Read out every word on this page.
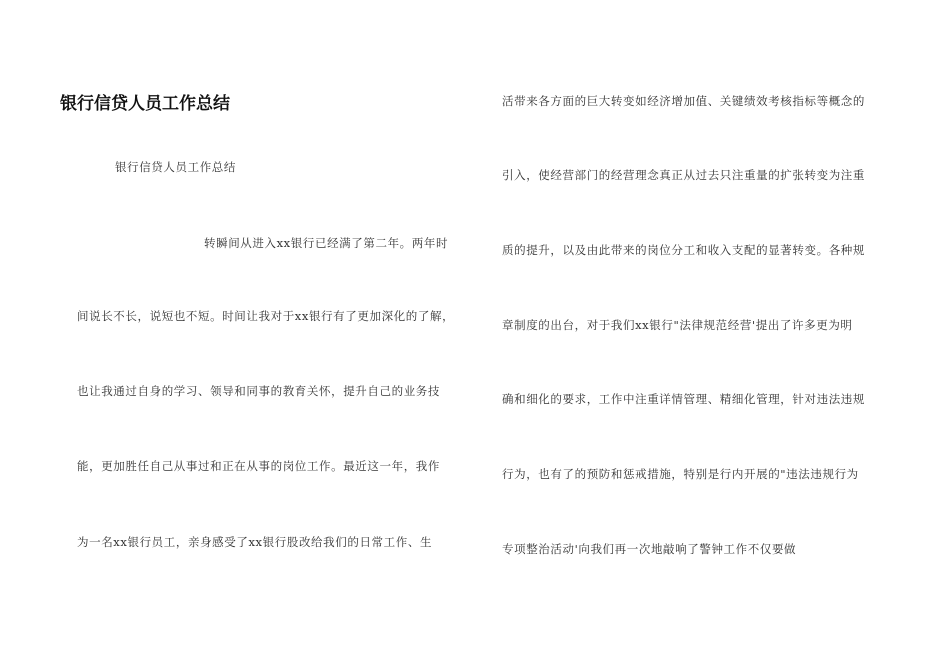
银行信贷人员工作总结
银行信贷人员工作总结
转瞬间从进入xx银行已经满了第二年。两年时
间说长不长，说短也不短。时间让我对于xx银行有了更加深化的了解，
也让我通过自身的学习、领导和同事的教育关怀，提升自己的业务技
能，更加胜任自己从事过和正在从事的岗位工作。最近这一年，我作
为一名xx银行员工，亲身感受了xx银行股改给我们的日常工作、生
活带来各方面的巨大转变如经济增加值、关键绩效考核指标等概念的
引入，使经营部门的经营理念真正从过去只注重量的扩张转变为注重
质的提升，以及由此带来的岗位分工和收入支配的显著转变。各种规
章制度的出台，对于我们xx银行"法律规范经营'提出了许多更为明
确和细化的要求，工作中注重详情管理、精细化管理，针对违法违规
行为，也有了的预防和惩戒措施，特别是行内开展的"违法违规行为
专项整治活动'向我们再一次地敲响了警钟工作不仅要做
